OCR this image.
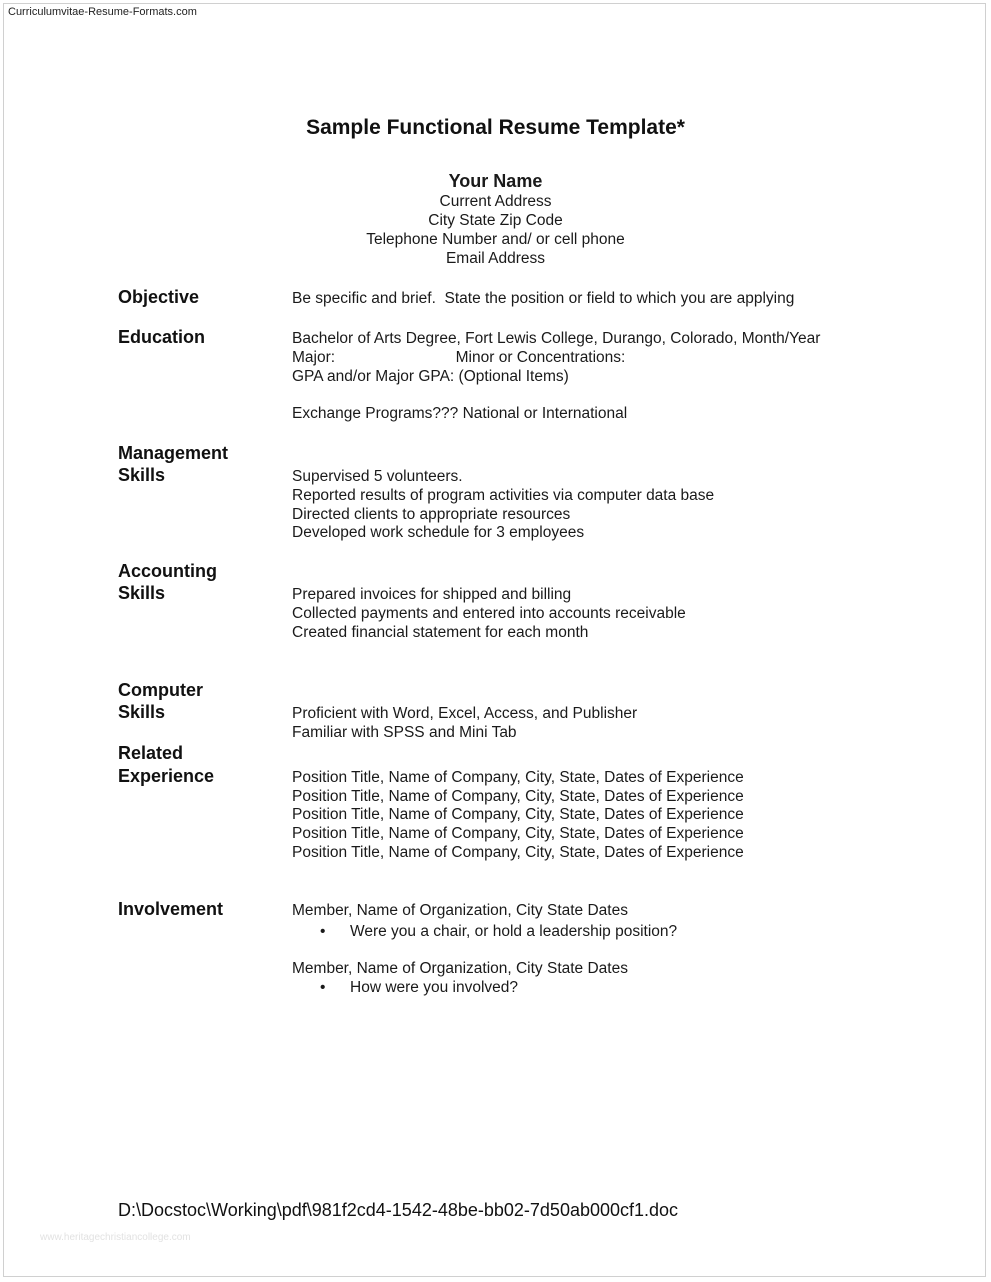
Curriculumvitae-Resume-Formats.com
Sample Functional Resume Template*
Your Name
Current Address
City State Zip Code
Telephone Number and/ or cell phone
Email Address
Objective	Be specific and brief.  State the position or field to which you are applying
Education	Bachelor of Arts Degree, Fort Lewis College, Durango, Colorado, Month/Year
Major:                            Minor or Concentrations:
GPA and/or Major GPA: (Optional Items)
Exchange Programs??? National or International
Management
Skills	Supervised 5 volunteers.
Reported results of program activities via computer data base
Directed clients to appropriate resources
Developed work schedule for 3 employees
Accounting
Skills	Prepared invoices for shipped and billing
Collected payments and entered into accounts receivable
Created financial statement for each month
Computer
Skills	Proficient with Word, Excel, Access, and Publisher
Familiar with SPSS and Mini Tab
Related
Experience	Position Title, Name of Company, City, State, Dates of Experience
Position Title, Name of Company, City, State, Dates of Experience
Position Title, Name of Company, City, State, Dates of Experience
Position Title, Name of Company, City, State, Dates of Experience
Position Title, Name of Company, City, State, Dates of Experience
Involvement	Member, Name of Organization, City State Dates
• Were you a chair, or hold a leadership position?
Member, Name of Organization, City State Dates
• How were you involved?
D:\Docstoc\Working\pdf\981f2cd4-1542-48be-bb02-7d50ab000cf1.doc
www.heritagechristiancollege.com
